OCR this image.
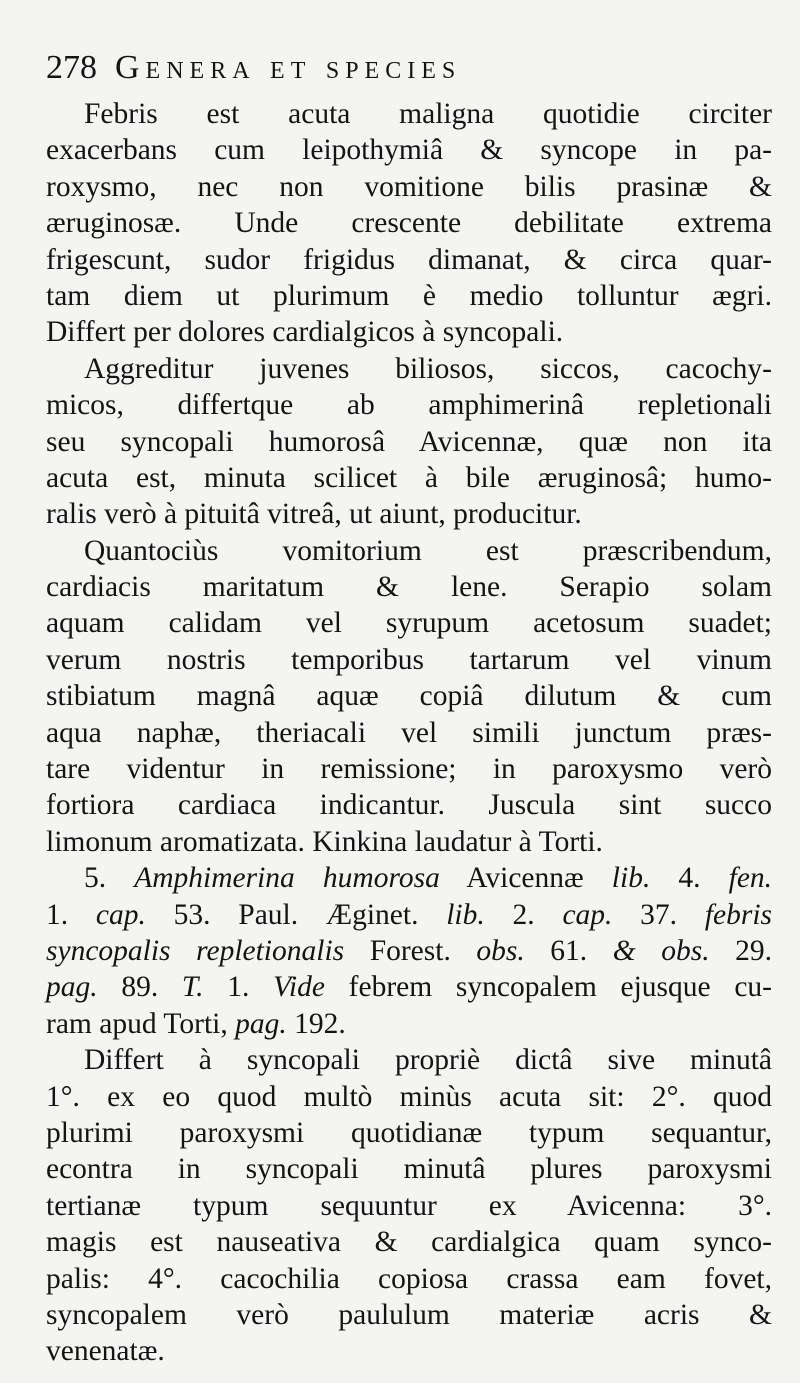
278 Genera et species
Febris est acuta maligna quotidie circiter
exacerbans cum leipothymiâ & syncope in pa-
roxysmo, nec non vomitione bilis prasinæ &
æruginosæ. Unde crescente debilitate extrema
frigescunt, sudor frigidus dimanat, & circa quar-
tam diem ut plurimum è medio tolluntur ægri.
Differt per dolores cardialgicos à syncopali.
Aggreditur juvenes biliosos, siccos, cacochy-
micos, differtque ab amphimerinâ repletionali
seu syncopali humorosâ Avicennæ, quæ non ita
acuta est, minuta scilicet à bile æruginosâ; humo-
ralis verò à pituitâ vitreâ, ut aiunt, producitur.
Quantociùs vomitorium est præscribendum,
cardiacis maritatum & lene. Serapio solam
aquam calidam vel syrupum acetosum suadet;
verum nostris temporibus tartarum vel vinum
stibiatum magnâ aquæ copiâ dilutum & cum
aqua naphæ, theriacali vel simili junctum præs-
tare videntur in remissione; in paroxysmo verò
fortiora cardiaca indicantur. Juscula sint succo
limonum aromatizata. Kinkina laudatur à Torti.
5. Amphimerina humorosa Avicennæ lib. 4. fen.
1. cap. 53. Paul. Æginet. lib. 2. cap. 37. febris
syncopalis repletionalis Forest. obs. 61. & obs. 29.
pag. 89. T. 1. Vide febrem syncopalem ejusque cu-
ram apud Torti, pag. 192.
Differt à syncopali propriè dictâ sive minutâ
1°. ex eo quod multò minùs acuta sit: 2°. quod
plurimi paroxysmi quotidianæ typum sequantur,
econtra in syncopali minutâ plures paroxysmi
tertianæ typum sequuntur ex Avicenna: 3°.
magis est nauseativa & cardialgica quam synco-
palis: 4°. cacochilia copiosa crassa eam fovet,
syncopalem verò paululum materiæ acris &
venenatæ.
